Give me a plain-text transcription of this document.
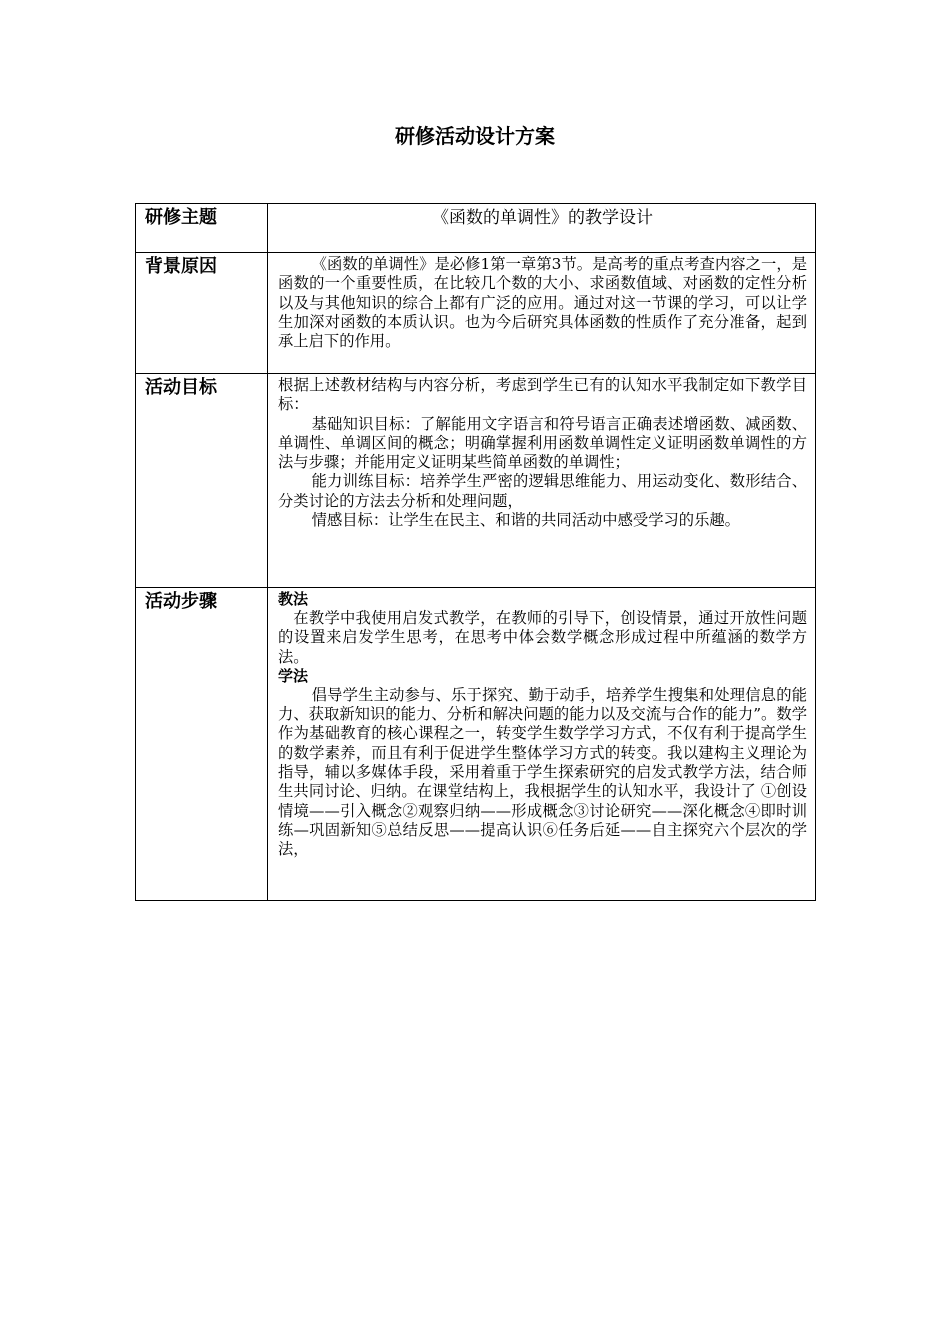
研修活动设计方案
研修主题	《函数的单调性》的教学设计

背景原因	《函数的单调性》是必修1第一章第3节。是高考的重点考查内容之一，是函数的一个重要性质，在比较几个数的大小、求函数值域、对函数的定性分析以及与其他知识的综合上都有广泛的应用。通过对这一节课的学习，可以让学生加深对函数的本质认识。也为今后研究具体函数的性质作了充分准备，起到承上启下的作用。

活动目标	根据上述教材结构与内容分析，考虑到学生已有的认知水平我制定如下教学目标：

基础知识目标：了解能用文字语言和符号语言正确表述增函数、减函数、单调性、单调区间的概念；明确掌握利用函数单调性定义证明函数单调性的方法与步骤；并能用定义证明某些简单函数的单调性；

能力训练目标：培养学生严密的逻辑思维能力、用运动变化、数形结合、分类讨论的方法去分析和处理问题，

情感目标：让学生在民主、和谐的共同活动中感受学习的乐趣。

活动步骤	教法

在教学中我使用启发式教学，在教师的引导下，创设情景，通过开放性问题的设置来启发学生思考，在思考中体会数学概念形成过程中所蕴涵的数学方法。

学法

倡导学生主动参与、乐于探究、勤于动手，培养学生搜集和处理信息的能力、获取新知识的能力、分析和解决问题的能力以及交流与合作的能力”。数学作为基础教育的核心课程之一，转变学生数学学习方式，不仅有利于提高学生的数学素养，而且有利于促进学生整体学习方式的转变。我以建构主义理论为指导，辅以多媒体手段，采用着重于学生探索研究的启发式教学方法，结合师生共同讨论、归纳。在课堂结构上，我根据学生的认知水平，我设计了 ①创设情境——引入概念②观察归纳——形成概念③讨论研究——深化概念④即时训练—巩固新知⑤总结反思——提高认识⑥任务后延——自主探究六个层次的学法，
